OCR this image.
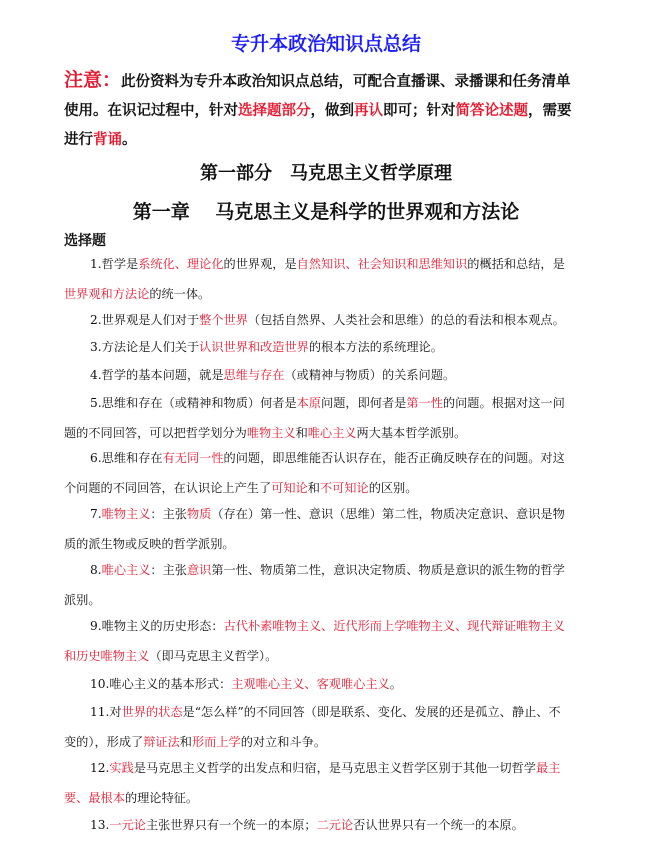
专升本政治知识点总结
注意：此份资料为专升本政治知识点总结，可配合直播课、录播课和任务清单使用。在识记过程中，针对选择题部分，做到再认即可；针对简答论述题，需要进行背诵。
第一部分　马克思主义哲学原理
第一章　 马克思主义是科学的世界观和方法论
选择题
1.哲学是系统化、理论化的世界观，是自然知识、社会知识和思维知识的概括和总结，是世界观和方法论的统一体。
2.世界观是人们对于整个世界（包括自然界、人类社会和思维）的总的看法和根本观点。
3.方法论是人们关于认识世界和改造世界的根本方法的系统理论。
4.哲学的基本问题，就是思维与存在（或精神与物质）的关系问题。
5.思维和存在（或精神和物质）何者是本原问题，即何者是第一性的问题。根据对这一问题的不同回答，可以把哲学划分为唯物主义和唯心主义两大基本哲学派别。
6.思维和存在有无同一性的问题，即思维能否认识存在，能否正确反映存在的问题。对这个问题的不同回答，在认识论上产生了可知论和不可知论的区别。
7.唯物主义：主张物质（存在）第一性、意识（思维）第二性，物质决定意识、意识是物质的派生物或反映的哲学派别。
8.唯心主义：主张意识第一性、物质第二性，意识决定物质、物质是意识的派生物的哲学派别。
9.唯物主义的历史形态：古代朴素唯物主义、近代形而上学唯物主义、现代辩证唯物主义和历史唯物主义（即马克思主义哲学）。
10.唯心主义的基本形式：主观唯心主义、客观唯心主义。
11.对世界的状态是“怎么样”的不同回答（即是联系、变化、发展的还是孤立、静止、不变的），形成了辩证法和形而上学的对立和斗争。
12.实践是马克思主义哲学的出发点和归宿，是马克思主义哲学区别于其他一切哲学最主要、最根本的理论特征。
13.一元论主张世界只有一个统一的本原；二元论否认世界只有一个统一的本原。
